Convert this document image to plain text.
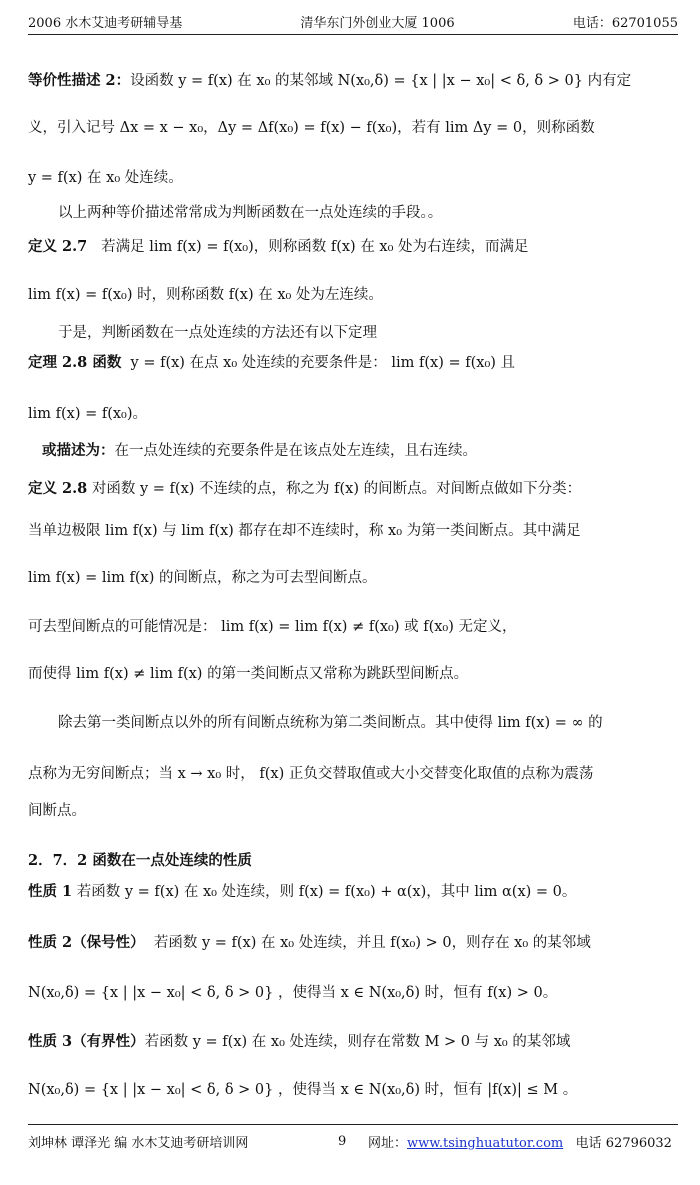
2006 水木艾迪考研辅导基	清华东门外创业大厦 1006	电话：62701055
等价性描述 2：设函数 y = f(x) 在 x₀ 的某邻域 N(x₀,δ) = {x | |x − x₀| < δ, δ > 0} 内有定
义，引入记号 Δx = x − x₀，Δy = Δf(x₀) = f(x) − f(x₀)，若有 lim Δy = 0，则称函数
y = f(x) 在 x₀ 处连续。
以上两种等价描述常常成为判断函数在一点处连续的手段。。
定义 2.7 若满足 lim f(x) = f(x₀)，则称函数 f(x) 在 x₀ 处为右连续，而满足
lim f(x) = f(x₀) 时，则称函数 f(x) 在 x₀ 处为左连续。
于是，判断函数在一点处连续的方法还有以下定理
定理 2.8 函数 y = f(x) 在点 x₀ 处连续的充要条件是： lim f(x) = f(x₀) 且
lim f(x) = f(x₀)。
或描述为：在一点处连续的充要条件是在该点处左连续，且右连续。
定义 2.8 对函数 y = f(x) 不连续的点，称之为 f(x) 的间断点。对间断点做如下分类：
当单边极限 lim f(x) 与 lim f(x) 都存在却不连续时，称 x₀ 为第一类间断点。其中满足
lim f(x) = lim f(x) 的间断点，称之为可去型间断点。
可去型间断点的可能情况是： lim f(x) = lim f(x) ≠ f(x₀) 或 f(x₀) 无定义，
而使得 lim f(x) ≠ lim f(x) 的第一类间断点又常称为跳跃型间断点。
除去第一类间断点以外的所有间断点统称为第二类间断点。其中使得 lim f(x) = ∞ 的
点称为无穷间断点；当 x → x₀ 时， f(x) 正负交替取值或大小交替变化取值的点称为震荡
间断点。
2．7．2 函数在一点处连续的性质
性质 1 若函数 y = f(x) 在 x₀ 处连续，则 f(x) = f(x₀) + α(x)，其中 lim α(x) = 0。
性质 2（保号性） 若函数 y = f(x) 在 x₀ 处连续，并且 f(x₀) > 0，则存在 x₀ 的某邻域
N(x₀,δ) = {x | |x − x₀| < δ, δ > 0} ，使得当 x ∈ N(x₀,δ) 时，恒有 f(x) > 0。
性质 3（有界性）若函数 y = f(x) 在 x₀ 处连续，则存在常数 M > 0 与 x₀ 的某邻域
N(x₀,δ) = {x | |x − x₀| < δ, δ > 0} ，使得当 x ∈ N(x₀,δ) 时，恒有 |f(x)| ≤ M 。
刘坤林 谭泽光 编 水木艾迪考研培训网	9	网址：www.tsinghuatutor.com 电话 62796032
